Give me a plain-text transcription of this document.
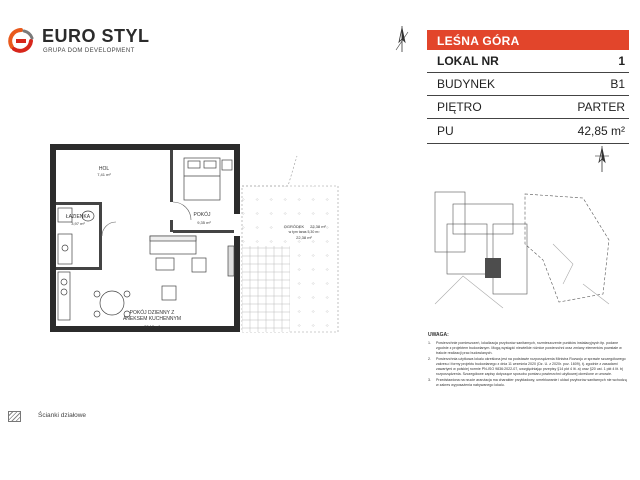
EURO STYL
GRUPA DOM DEVELOPMENT
LEŚNA GÓRA
LOKAL NR	1
BUDYNEK	B1
PIĘTRO	PARTER
PU	42,85 m²
HOL
7,41 m²
ŁAZIENKA
3,97 m²
POKÓJ
9,35 m²
POKÓJ DZIENNY Z
ANEKSEM KUCHENNYM
22,12 m²
OGRÓDEK 22,38 m²
w tym taras 5,30 m²
22,38 m²
UWAGA:
1.	Powierzchnie pomieszczeń, lokalizacja przyborów sanitarnych, rozmieszczenie punktów instalacyjnych itp. podane zgodnie z projektem budowlanym. Mogą wystąpić niewielkie różnice powierzchni oraz zmiany elementów powstałe w trakcie realizacji prac budowlanych.
2.	Powierzchnia użytkowa lokalu określona jest na podstawie rozporządzenia Ministra Rozwoju w sprawie szczegółowego zakresu i formy projektu budowlanego z dnia 11 września 2020 (Dz. U. z 2020r. poz. 1609), tj. zgodnie z zasadami zawartymi w polskiej normie PN-ISO 9836:2022-07, uwzględniając przepisy §14 pkt 4 lit. a) oraz §20 ust. 1 pkt 4 lit. b) rozporządzenia. Szczegółowe zapisy dotyczące sposobu pomiaru powierzchni użytkowej określone w umowie.
3.	Przedstawiona na rzucie aranżacja ma charakter przykładowy, umeblowanie i układ przyborów sanitarnych nie wchodzą w zakres wyposażenia nabywanego lokalu.
Ścianki działowe
